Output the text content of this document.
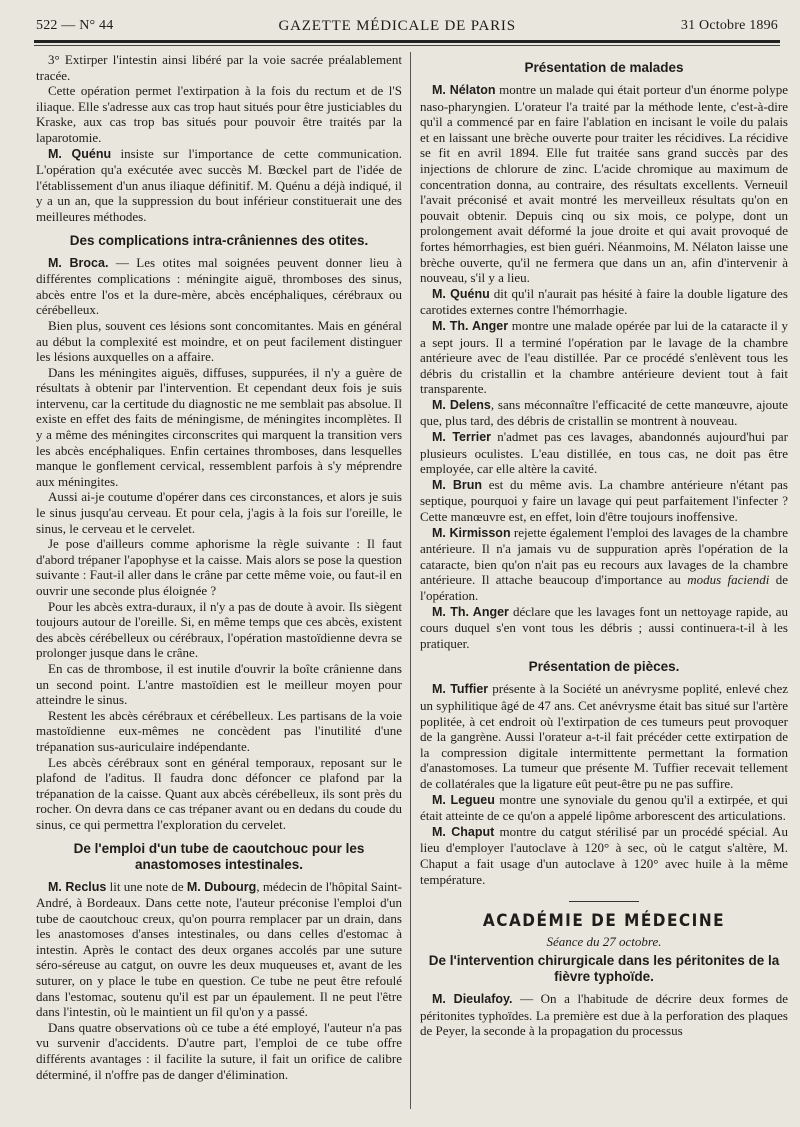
522 — N° 44	GAZETTE MÉDICALE DE PARIS	31 Octobre 1896

3° Extirper l'intestin ainsi libéré par la voie sacrée préalablement tracée.

Cette opération permet l'extirpation à la fois du rectum et de l'S iliaque. Elle s'adresse aux cas trop haut situés pour être justiciables du Kraske, aux cas trop bas situés pour pouvoir être traités par la laparotomie.

M. Quénu insiste sur l'importance de cette communication. L'opération qu'a exécutée avec succès M. Bœckel part de l'idée de l'établissement d'un anus iliaque définitif. M. Quénu a déjà indiqué, il y a un an, que la suppression du bout inférieur constituerait une des meilleures méthodes.

Des complications intra-crâniennes des otites.

M. Broca. — Les otites mal soignées peuvent donner lieu à différentes complications : méningite aiguë, thromboses des sinus, abcès entre l'os et la dure-mère, abcès encéphaliques, cérébraux ou cérébelleux.

Bien plus, souvent ces lésions sont concomitantes. Mais en général au début la complexité est moindre, et on peut facilement distinguer les lésions auxquelles on a affaire.

Dans les méningites aiguës, diffuses, suppurées, il n'y a guère de résultats à obtenir par l'intervention. Et cependant deux fois je suis intervenu, car la certitude du diagnostic ne me semblait pas absolue. Il existe en effet des faits de méningisme, de méningites incomplètes. Il y a même des méningites circonscrites qui marquent la transition vers les abcès encéphaliques. Enfin certaines thromboses, dans lesquelles manque le gonflement cervical, ressemblent parfois à s'y méprendre aux méningites.

Aussi ai-je coutume d'opérer dans ces circonstances, et alors je suis le sinus jusqu'au cerveau. Et pour cela, j'agis à la fois sur l'oreille, le sinus, le cerveau et le cervelet.

Je pose d'ailleurs comme aphorisme la règle suivante : Il faut d'abord trépaner l'apophyse et la caisse. Mais alors se pose la question suivante : Faut-il aller dans le crâne par cette même voie, ou faut-il en ouvrir une seconde plus éloignée ?

Pour les abcès extra-duraux, il n'y a pas de doute à avoir. Ils siègent toujours autour de l'oreille. Si, en même temps que ces abcès, existent des abcès cérébelleux ou cérébraux, l'opération mastoïdienne devra se prolonger jusque dans le crâne.

En cas de thrombose, il est inutile d'ouvrir la boîte crânienne dans un second point. L'antre mastoïdien est le meilleur moyen pour atteindre le sinus.

Restent les abcès cérébraux et cérébelleux. Les partisans de la voie mastoïdienne eux-mêmes ne concèdent pas l'inutilité d'une trépanation sus-auriculaire indépendante.

Les abcès cérébraux sont en général temporaux, reposant sur le plafond de l'aditus. Il faudra donc défoncer ce plafond par la trépanation de la caisse. Quant aux abcès cérébelleux, ils sont près du rocher. On devra dans ce cas trépaner avant ou en dedans du coude du sinus, ce qui permettra l'exploration du cervelet.

De l'emploi d'un tube de caoutchouc pour les anastomoses intestinales.

M. Reclus lit une note de M. Dubourg, médecin de l'hôpital Saint-André, à Bordeaux. Dans cette note, l'auteur préconise l'emploi d'un tube de caoutchouc creux, qu'on pourra remplacer par un drain, dans les anastomoses d'anses intestinales, ou dans celles d'estomac à intestin. Après le contact des deux organes accolés par une suture séro-séreuse au catgut, on ouvre les deux muqueuses et, avant de les suturer, on y place le tube en question. Ce tube ne peut être refoulé dans l'estomac, soutenu qu'il est par un épaulement. Il ne peut l'être dans l'intestin, où le maintient un fil qu'on y a passé.

Dans quatre observations où ce tube a été employé, l'auteur n'a pas vu survenir d'accidents. D'autre part, l'emploi de ce tube offre différents avantages : il facilite la suture, il fait un orifice de calibre déterminé, il n'offre pas de danger d'élimination.

Présentation de malades

M. Nélaton montre un malade qui était porteur d'un énorme polype naso-pharyngien. L'orateur l'a traité par la méthode lente, c'est-à-dire qu'il a commencé par en faire l'ablation en incisant le voile du palais et en laissant une brèche ouverte pour traiter les récidives. La récidive se fit en avril 1894. Elle fut traitée sans grand succès par des injections de chlorure de zinc. L'acide chromique au maximum de concentration donna, au contraire, des résultats excellents. Verneuil l'avait préconisé et avait montré les merveilleux résultats qu'on en pouvait obtenir. Depuis cinq ou six mois, ce polype, dont un prolongement avait déformé la joue droite et qui avait provoqué de fortes hémorrhagies, est bien guéri. Néanmoins, M. Nélaton laisse une brèche ouverte, qu'il ne fermera que dans un an, afin d'intervenir à nouveau, s'il y a lieu.

M. Quénu dit qu'il n'aurait pas hésité à faire la double ligature des carotides externes contre l'hémorrhagie.

M. Th. Anger montre une malade opérée par lui de la cataracte il y a sept jours. Il a terminé l'opération par le lavage de la chambre antérieure avec de l'eau distillée. Par ce procédé s'enlèvent tous les débris du cristallin et la chambre antérieure devient tout à fait transparente.

M. Delens, sans méconnaître l'efficacité de cette manœuvre, ajoute que, plus tard, des débris de cristallin se montrent à nouveau.

M. Terrier n'admet pas ces lavages, abandonnés aujourd'hui par plusieurs oculistes. L'eau distillée, en tous cas, ne doit pas être employée, car elle altère la cavité.

M. Brun est du même avis. La chambre antérieure n'étant pas septique, pourquoi y faire un lavage qui peut parfaitement l'infecter ? Cette manœuvre est, en effet, loin d'être toujours inoffensive.

M. Kirmisson rejette également l'emploi des lavages de la chambre antérieure. Il n'a jamais vu de suppuration après l'opération de la cataracte, bien qu'on n'ait pas eu recours aux lavages de la chambre antérieure. Il attache beaucoup d'importance au modus faciendi de l'opération.

M. Th. Anger déclare que les lavages font un nettoyage rapide, au cours duquel s'en vont tous les débris ; aussi continuera-t-il à les pratiquer.

Présentation de pièces.

M. Tuffier présente à la Société un anévrysme poplité, enlevé chez un syphilitique âgé de 47 ans. Cet anévrysme était bas situé sur l'artère poplitée, à cet endroit où l'extirpation de ces tumeurs peut provoquer de la gangrène. Aussi l'orateur a-t-il fait précéder cette extirpation de la compression digitale intermittente permettant la formation d'anastomoses. La tumeur que présente M. Tuffier recevait tellement de collatérales que la ligature eût peut-être pu ne pas suffire.

M. Legueu montre une synoviale du genou qu'il a extirpée, et qui était atteinte de ce qu'on a appelé lipôme arborescent des articulations.

M. Chaput montre du catgut stérilisé par un procédé spécial. Au lieu d'employer l'autoclave à 120° à sec, où le catgut s'altère, M. Chaput a fait usage d'un autoclave à 120° avec huile à la même température.

ACADÉMIE DE MÉDECINE
Séance du 27 octobre.
De l'intervention chirurgicale dans les péritonites de la fièvre typhoïde.

M. Dieulafoy. — On a l'habitude de décrire deux formes de péritonites typhoïdes. La première est due à la perforation des plaques de Peyer, la seconde à la propagation du processus
